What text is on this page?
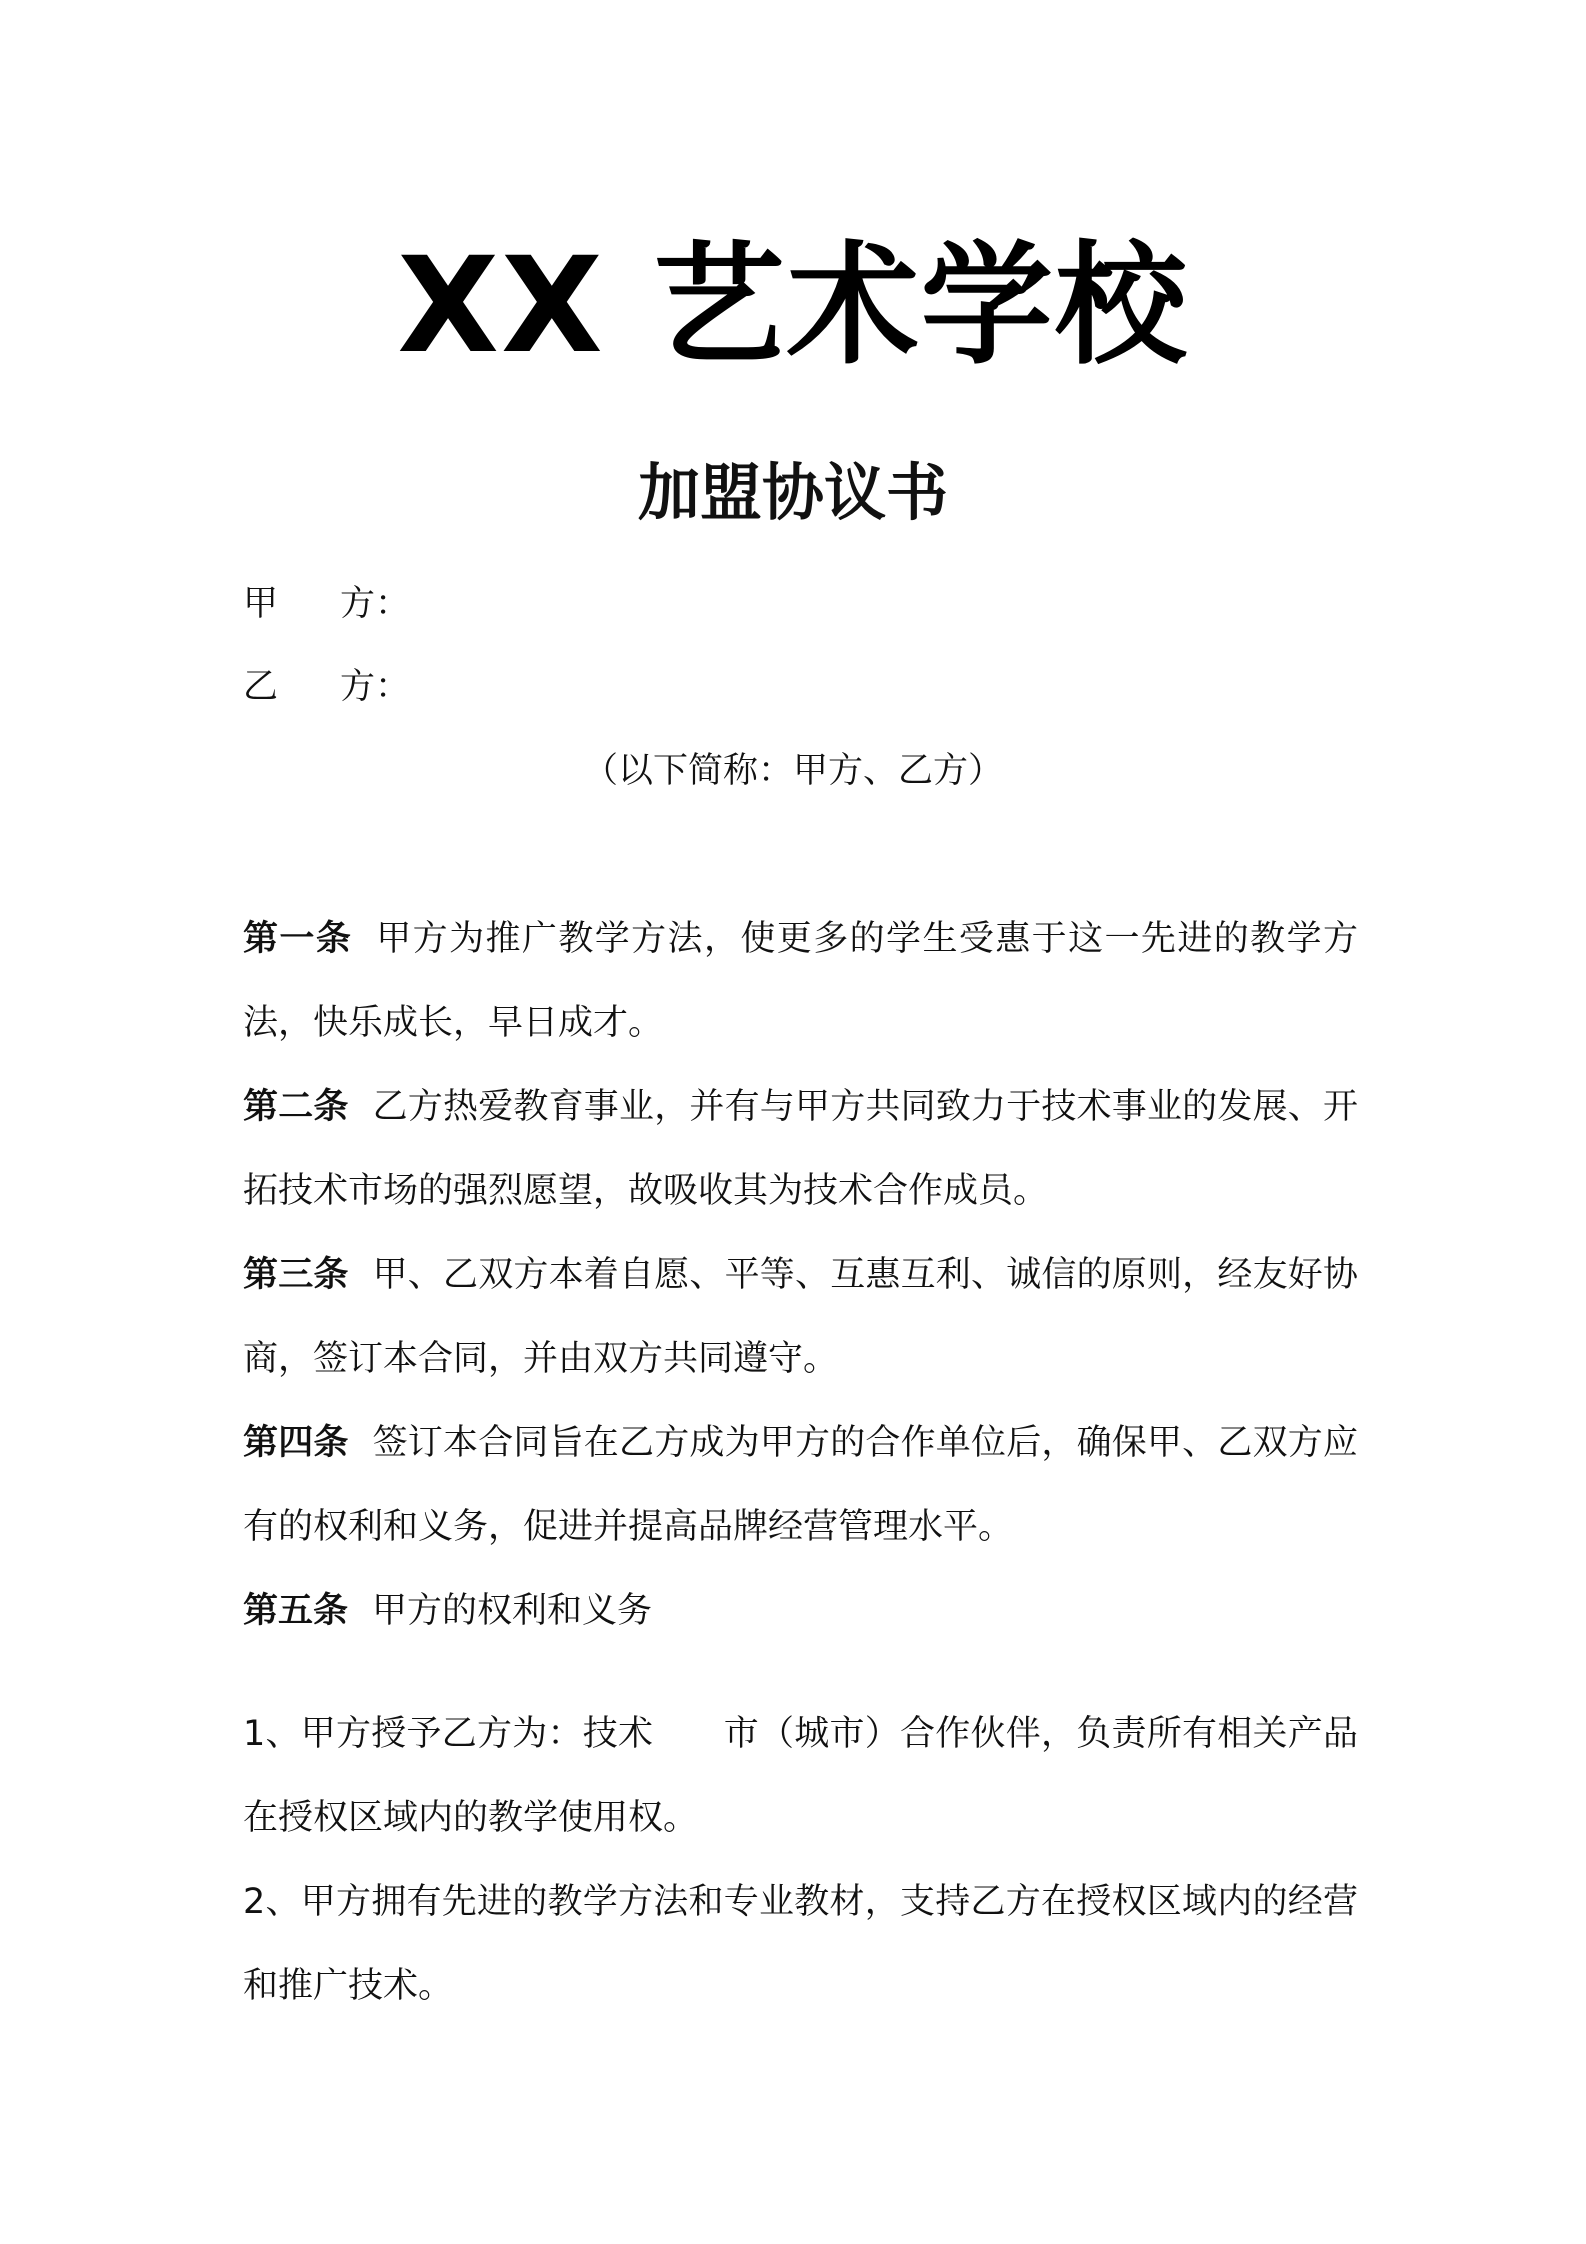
XX 艺术学校
加盟协议书
甲 方：
乙 方：
（以下简称：甲方、乙方）

第一条 甲方为推广教学方法，使更多的学生受惠于这一先进的教学方法，快乐成长，早日成才。

第二条 乙方热爱教育事业，并有与甲方共同致力于技术事业的发展、开拓技术市场的强烈愿望，故吸收其为技术合作成员。

第三条 甲、乙双方本着自愿、平等、互惠互利、诚信的原则，经友好协商，签订本合同，并由双方共同遵守。

第四条 签订本合同旨在乙方成为甲方的合作单位后，确保甲、乙双方应有的权利和义务，促进并提高品牌经营管理水平。

第五条 甲方的权利和义务

1、甲方授予乙方为：技术　　市（城市）合作伙伴，负责所有相关产品在授权区域内的教学使用权。

2、甲方拥有先进的教学方法和专业教材，支持乙方在授权区域内的经营和推广技术。
